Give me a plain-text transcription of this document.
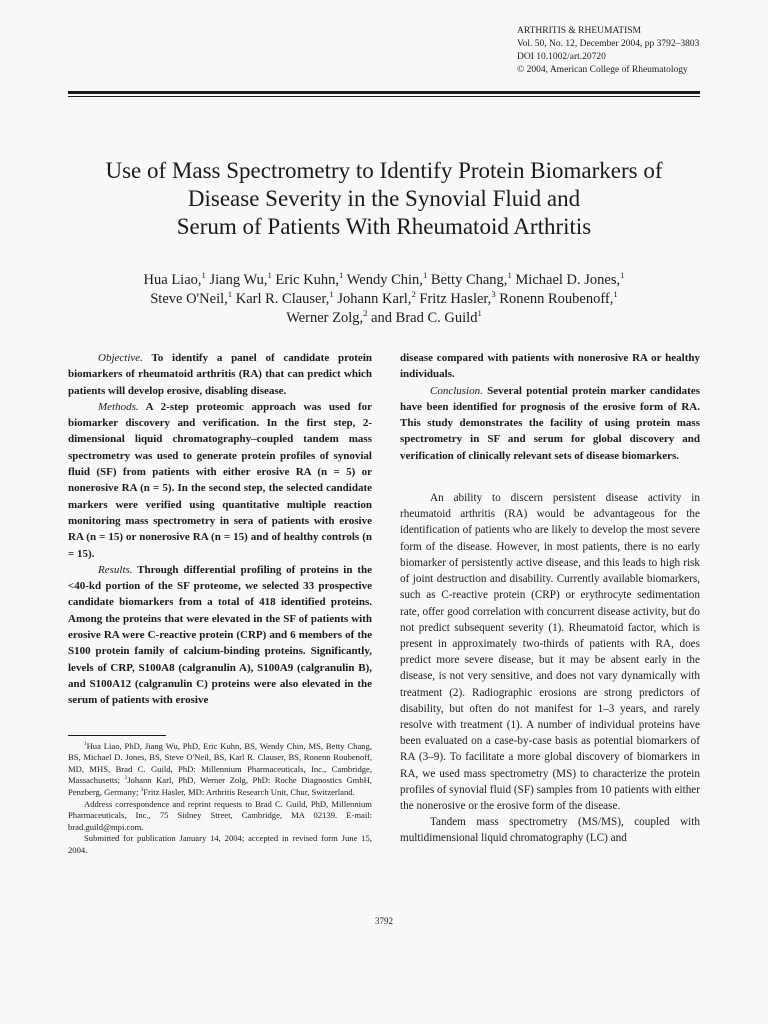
ARTHRITIS & RHEUMATISM
Vol. 50, No. 12, December 2004, pp 3792–3803
DOI 10.1002/art.20720
© 2004, American College of Rheumatology
Use of Mass Spectrometry to Identify Protein Biomarkers of
Disease Severity in the Synovial Fluid and
Serum of Patients With Rheumatoid Arthritis
Hua Liao,$^1$ Jiang Wu,$^1$ Eric Kuhn,$^1$ Wendy Chin,$^1$ Betty Chang,$^1$ Michael D. Jones,$^1$
Steve O'Neil,$^1$ Karl R. Clauser,$^1$ Johann Karl,$^2$ Fritz Hasler,$^3$ Ronenn Roubenoff,$^1$
Werner Zolg,$^2$ and Brad C. Guild$^1$

Objective. To identify a panel of candidate protein biomarkers of rheumatoid arthritis (RA) that can predict which patients will develop erosive, disabling disease.

Methods. A 2-step proteomic approach was used for biomarker discovery and verification. In the first step, 2-dimensional liquid chromatography–coupled tandem mass spectrometry was used to generate protein profiles of synovial fluid (SF) from patients with either erosive RA (n = 5) or nonerosive RA (n = 5). In the second step, the selected candidate markers were verified using quantitative multiple reaction monitoring mass spectrometry in sera of patients with erosive RA (n = 15) or nonerosive RA (n = 15) and of healthy controls (n = 15).

Results. Through differential profiling of proteins in the <40-kd portion of the SF proteome, we selected 33 prospective candidate biomarkers from a total of 418 identified proteins. Among the proteins that were elevated in the SF of patients with erosive RA were C-reactive protein (CRP) and 6 members of the S100 protein family of calcium-binding proteins. Significantly, levels of CRP, S100A8 (calgranulin A), S100A9 (calgranulin B), and S100A12 (calgranulin C) proteins were also elevated in the serum of patients with erosive

$^1$Hua Liao, PhD, Jiang Wu, PhD, Eric Kuhn, BS, Wendy Chin, MS, Betty Chang, BS, Michael D. Jones, BS, Steve O'Neil, BS, Karl R. Clauser, BS, Ronenn Roubenoff, MD, MHS, Brad C. Guild, PhD: Millennium Pharmaceuticals, Inc., Cambridge, Massachusetts; $^2$Johann Karl, PhD, Werner Zolg, PhD: Roche Diagnostics GmbH, Penzberg, Germany; $^3$Fritz Hasler, MD: Arthritis Research Unit, Chur, Switzerland.

Address correspondence and reprint requests to Brad C. Guild, PhD, Millennium Pharmaceuticals, Inc., 75 Sidney Street, Cambridge, MA 02139. E-mail: brad.guild@mpi.com.

Submitted for publication January 14, 2004; accepted in revised form June 15, 2004.

disease compared with patients with nonerosive RA or healthy individuals.

Conclusion. Several potential protein marker candidates have been identified for prognosis of the erosive form of RA. This study demonstrates the facility of using protein mass spectrometry in SF and serum for global discovery and verification of clinically relevant sets of disease biomarkers.

An ability to discern persistent disease activity in rheumatoid arthritis (RA) would be advantageous for the identification of patients who are likely to develop the most severe form of the disease. However, in most patients, there is no early biomarker of persistently active disease, and this leads to high risk of joint destruction and disability. Currently available biomarkers, such as C-reactive protein (CRP) or erythrocyte sedimentation rate, offer good correlation with concurrent disease activity, but do not predict subsequent severity (1). Rheumatoid factor, which is present in approximately two-thirds of patients with RA, does predict more severe disease, but it may be absent early in the disease, is not very sensitive, and does not vary dynamically with treatment (2). Radiographic erosions are strong predictors of disability, but often do not manifest for 1–3 years, and rarely resolve with treatment (1). A number of individual proteins have been evaluated on a case-by-case basis as potential biomarkers of RA (3–9). To facilitate a more global discovery of biomarkers in RA, we used mass spectrometry (MS) to characterize the protein profiles of synovial fluid (SF) samples from 10 patients with either the nonerosive or the erosive form of the disease.

Tandem mass spectrometry (MS/MS), coupled with multidimensional liquid chromatography (LC) and

3792
